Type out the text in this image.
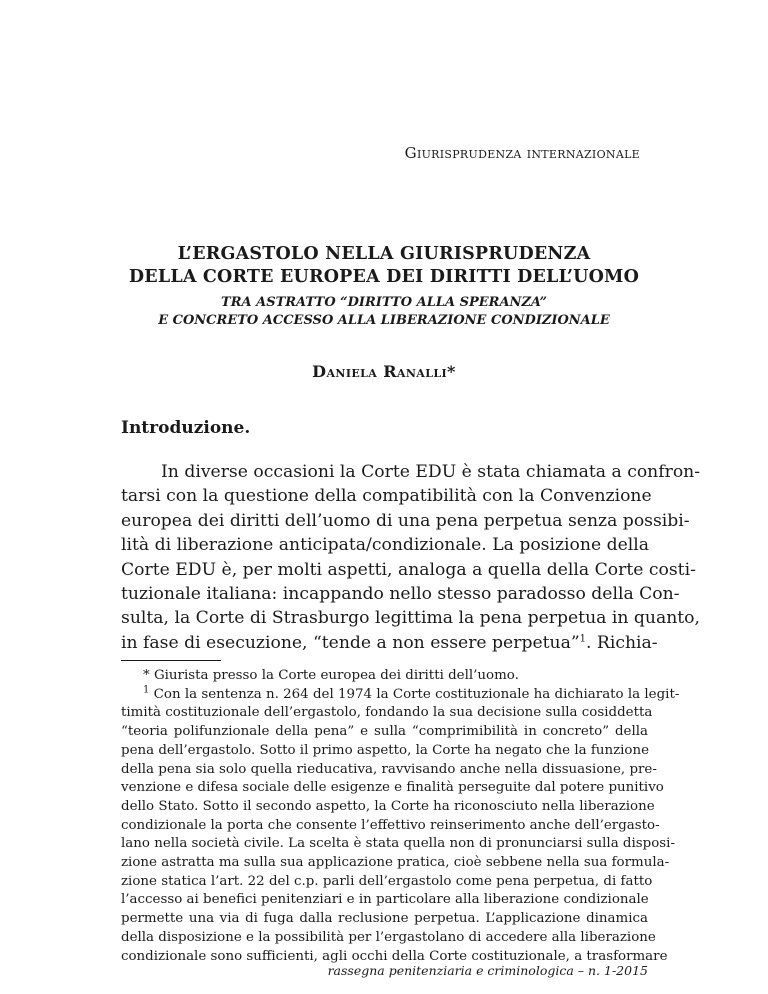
Giurisprudenza internazionale
L’ERGASTOLO NELLA GIURISPRUDENZA
DELLA CORTE EUROPEA DEI DIRITTI DELL’UOMO
TRA ASTRATTO “DIRITTO ALLA SPERANZA”
E CONCRETO ACCESSO ALLA LIBERAZIONE CONDIZIONALE
Daniela Ranalli*
Introduzione.
In diverse occasioni la Corte EDU è stata chiamata a confron-
tarsi con la questione della compatibilità con la Convenzione
europea dei diritti dell’uomo di una pena perpetua senza possibi-
lità di liberazione anticipata/condizionale. La posizione della
Corte EDU è, per molti aspetti, analoga a quella della Corte costi-
tuzionale italiana: incappando nello stesso paradosso della Con-
sulta, la Corte di Strasburgo legittima la pena perpetua in quanto,
in fase di esecuzione, “tende a non essere perpetua”$^1$. Richia-
* Giurista presso la Corte europea dei diritti dell’uomo.
$^1$ Con la sentenza n. 264 del 1974 la Corte costituzionale ha dichiarato la legit-
timità costituzionale dell’ergastolo, fondando la sua decisione sulla cosiddetta
“teoria polifunzionale della pena” e sulla “comprimibilità in concreto” della
pena dell’ergastolo. Sotto il primo aspetto, la Corte ha negato che la funzione
della pena sia solo quella rieducativa, ravvisando anche nella dissuasione, pre-
venzione e difesa sociale delle esigenze e finalità perseguite dal potere punitivo
dello Stato. Sotto il secondo aspetto, la Corte ha riconosciuto nella liberazione
condizionale la porta che consente l’effettivo reinserimento anche dell’ergasto-
lano nella società civile. La scelta è stata quella non di pronunciarsi sulla disposi-
zione astratta ma sulla sua applicazione pratica, cioè sebbene nella sua formula-
zione statica l’art. 22 del c.p. parli dell’ergastolo come pena perpetua, di fatto
l’accesso ai benefici penitenziari e in particolare alla liberazione condizionale
permette una via di fuga dalla reclusione perpetua. L’applicazione dinamica
della disposizione e la possibilità per l’ergastolano di accedere alla liberazione
condizionale sono sufficienti, agli occhi della Corte costituzionale, a trasformare
rassegna penitenziaria e criminologica – n. 1-2015
